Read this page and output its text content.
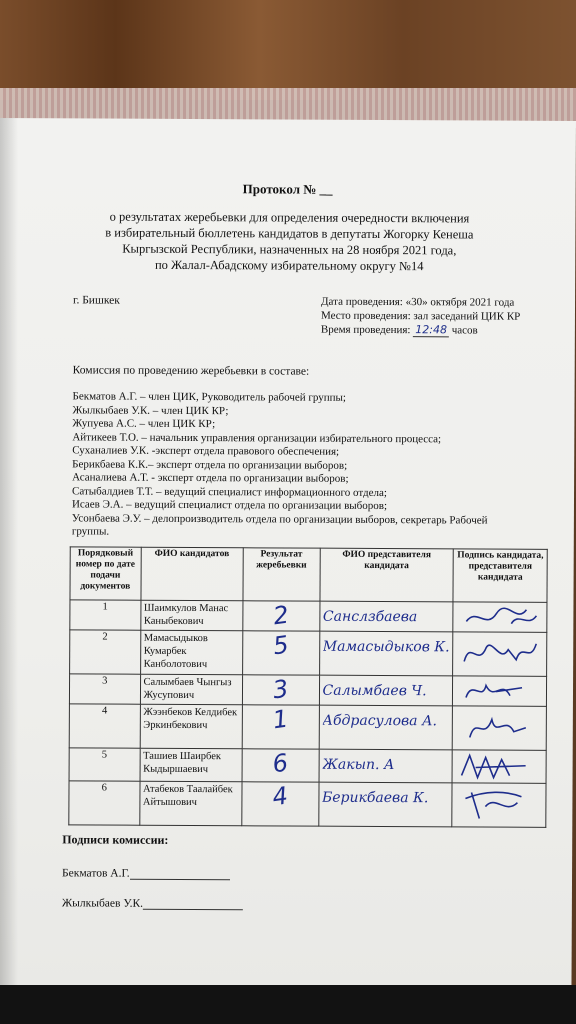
Протокол № __
о результатах жеребьевки для определения очередности включения
в избирательный бюллетень кандидатов в депутаты Жогорку Кенеша
Кыргызской Республики, назначенных на 28 ноября 2021 года,
по Жалал-Абадскому избирательному округу №14
г. Бишкек	Дата проведения: «30» октября 2021 года
Место проведения: зал заседаний ЦИК КР
Время проведения: 12:48 часов
Комиссия по проведению жеребьевки в составе:
Бекматов А.Г. – член ЦИК, Руководитель рабочей группы;
Жылкыбаев У.К. – член ЦИК КР;
Жупуева А.С. – член ЦИК КР;
Айтикеев Т.О. – начальник управления организации избирательного процесса;
Суханалиев У.К. -эксперт отдела правового обеспечения;
Берикбаева К.К.– эксперт отдела по организации выборов;
Асаналиева А.Т. - эксперт отдела по организации выборов;
Сатыбалдиев Т.Т. – ведущий специалист информационного отдела;
Исаев Э.А. – ведущий специалист отдела по организации выборов;
Усонбаева Э.У. – делопроизводитель отдела по организации выборов, секретарь Рабочей
группы.
Порядковый номер по дате подачи документов	ФИО кандидатов	Результат жеребьевки	ФИО представителя кандидата	Подпись кандидата, представителя кандидата
1	Шаимкулов Манас Каныбекович	2	Санслзбаева

2	Мамасыдыков Кумарбек Канболотович	5	Мамасыдыков К.

3	Салымбаев Чынгыз Жусупович	3	Салымбаев Ч.

4	Жээнбеков Келдибек Эркинбекович	1	Абдрасулова А.

5	Ташиев Шаирбек Кыдыршаевич	6	Жакып. А

6	Атабеков Таалайбек Айтышович	4	Берикбаева К.

Подписи комиссии:
Бекматов А.Г.
Жылкыбаев У.К.
